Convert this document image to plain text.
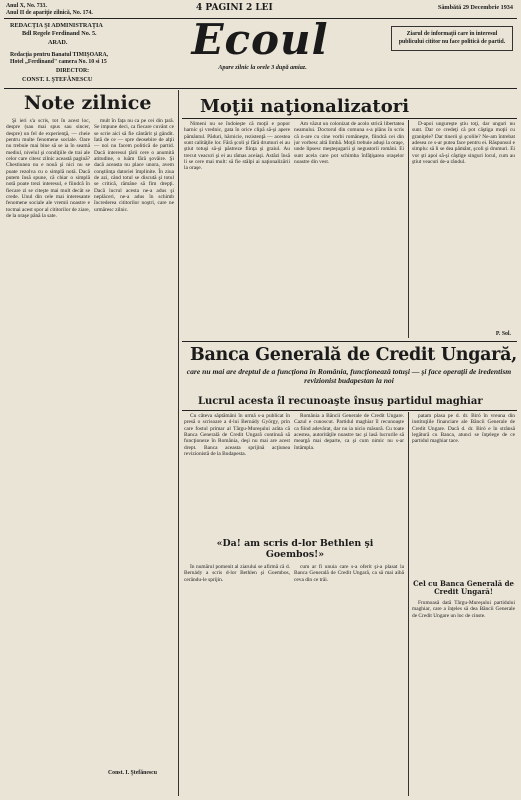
Anul X, No. 733.
Anul II de apariţie zilnică, No. 174.	4 PAGINI 2 LEI	Sâmbătă 29 Decembrie 1934
REDACŢIA ŞI ADMINISTRAŢIA
Bdl Regele Ferdinand No. 5.
ARAD.
Redacţia pentru Banatul TIMIŞOARA,
Hotel „Ferdinand" camera No. 10 si 15
DIRECTOR:
CONST. I. ŞTEFĂNESCU
Ecoul
Apare zilnic la orele 3 după amiaz.
Ziarul de informaţii care în interesul publicului cititor nu face politică de partid.
Note zilnice

Şi ieri s'a scris, tot în acest loc, despre (sau mai spus sau sincer, despre) un fel de experienţă, — cheie pentru multe fenomene sociale. Oare nu trebuie mai bine să se ia în seamă mediul, nivelul şi condiţiile de trai ale celor care citesc zilnic această pagină? Chestiunea nu e nouă şi nici nu se poate rezolva cu o simplă notă. Dacă putem însă spune, că chiar o simplă notă poate trezi interesul, e fiindcă în fiecare zi se citeşte mai mult decât se crede. Unul din cele mai interesante fenomene sociale ale vremii noastre e tocmai acest spor al cititorilor de ziare, de la oraşe până la sate.

mult în fața nu ca pe cei din ţară. Se impune deci, ca fiecare cuvânt ce se scrie aici să fie cântărit şi gândit. Iată de ce — spre deosebire de alţii — noi nu facem politică de partid. Dacă interesul ţării cere o anumită atitudine, o luăm fără şovăire. Şi dacă aceasta nu place unora, avem conştiinţa datoriei împlinite. În ziua de azi, când totul se discută şi totul se critică, rămâne să fim drepţi. Dacă lucrul acesta ne-a adus şi neplăceri, ne-a adus în schimb încrederea cititorilor noştri, care ne urmăresc zilnic.

Const. I. Ştefănescu
Moţii naţionalizatori

Nimeni nu se îndoieşte că moţii e popor harnic şi vrednic, gata în orice clipă să-şi apere pământul. Păduri, hărnicie, rezistenţă — acestea sunt calităţile lor. Fără şcoli şi fără drumuri ei au ştiut totuşi să-şi păstreze fiinţa şi graiul. Au trecut veacuri şi ei au rămas aceiaşi. Astăzi însă li se cere mai mult: să fie stâlpi ai naţionalizării la oraşe.

Am văzut un colonizat de acolo strică libertatea neamului. Doctorul din comuna s-a plâns în scris că n-are cu cine vorbi româneşte, fiindcă cei din jur vorbesc altă limbă. Moţii trebuie aduşi la oraşe, unde lipsesc meşteşugarii şi negustorii români. Ei sunt acela care pot schimba înfăţişarea oraşelor noastre din vest.

D-apoi ungureşte ştiu toţi, dar unguri nu sunt. Dar ce credeţi că pot câştiga moţii cu graniţele? Dar tinerii şi şcolile? Ne-am întrebat adesea ce s-ar putea face pentru ei. Răspunsul e simplu: să li se dea pământ, şcoli şi drumuri. Ei vor şti apoi să-şi câştige singuri locul, cum au ştiut veacuri de-a rândul.

P. Sol.
Banca Generală de Credit Ungară,
care nu mai are dreptul de a funcţiona în România, funcţionează totuşi — şi face operaţii de iredentism revizionist budapestan la noi
Lucrul acesta îl recunoaşte însuş partidul maghiar

Cu câteva săptămâni în urmă s-a publicat în presă o scrisoare a d-lui Bernády György, prin care fostul primar al Târgu-Mureşului arăta că Banca Generală de Credit Ungară continuă să funcţioneze în România, deşi nu mai are acest drept. Banca aceasta sprijină acţiunea revizionistă de la Budapesta.

România a Băncii Generale de Credit Ungare. Cazul e cunoscut. Partidul maghiar îl recunoaşte ca fiind adevărat, dar nu ia nicio măsură. Cu toate acestea, autorităţile noastre tac şi lasă lucrurile să meargă mai departe, ca şi cum nimic nu s-ar întâmpla.

patam plasa pe d. dr. Biró în vreuna din instituţiile financiare ale Băncii Generale de Credit Ungare. Dacă d. dr. Biró e în strânsă legătură cu Banca, atunci se înţelege de ce partidul maghiar tace.

«Da! am scris d-lor Bethlen şi Goembos!»

În numărul pomenit al ziarului se afirmă că d. Bernády a scris d-lor Bethlen şi Goembos, cerându-le sprijin.

cum ar fi unuia care s-a oferit şi-a plasat la Banca Generală de Credit Ungară, ca să mai aibă ceva din ce trăi.	Cel cu Banca Generală de Credit Ungară!

Frumoasă dată Târgu-Mureşului partidului maghiar, care a înţeles să dea Băncii Generale de Credit Ungare un loc de cinste.
